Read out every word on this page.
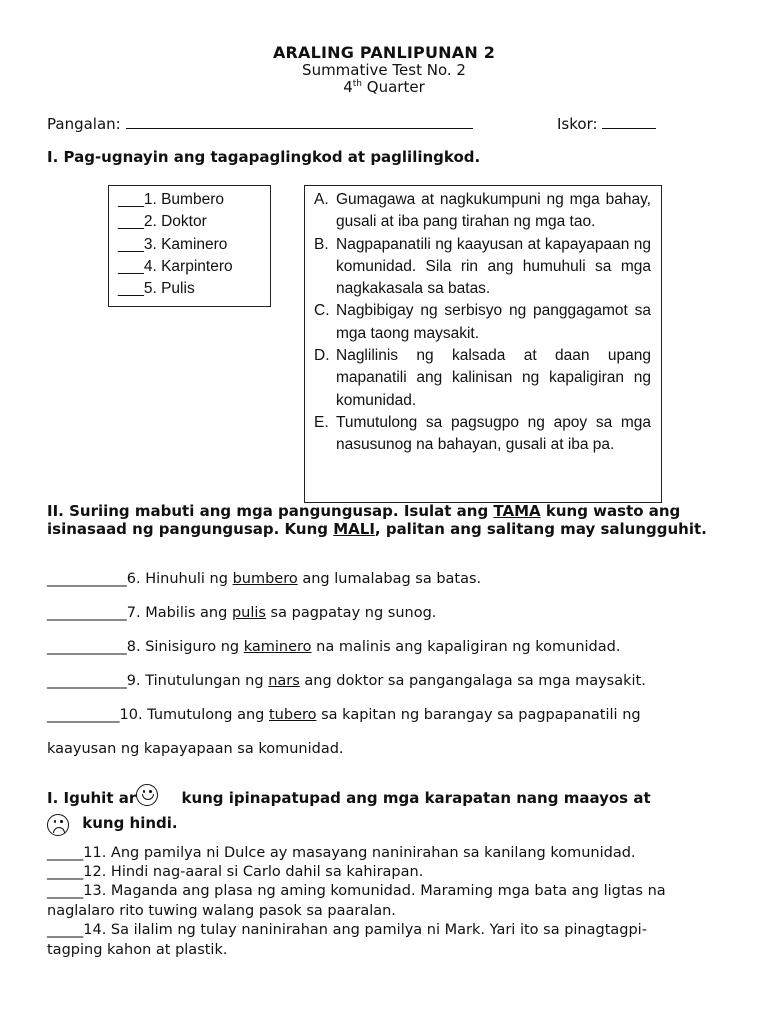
ARALING PANLIPUNAN 2
Summative Test No. 2
4th Quarter
Pangalan:	Iskor:
I. Pag-ugnayin ang tagapaglingkod at paglilingkod.
___1. Bumbero
___2. Doktor
___3. Kaminero
___4. Karpintero
___5. Pulis
A. Gumagawa at nagkukumpuni ng mga bahay, gusali at iba pang tirahan ng mga tao.
B. Nagpapanatili ng kaayusan at kapayapaan ng komunidad. Sila rin ang humuhuli sa mga nagkakasala sa batas.
C. Nagbibigay ng serbisyo ng panggagamot sa mga taong maysakit.
D. Naglilinis ng kalsada at daan upang mapanatili ang kalinisan ng kapaligiran ng komunidad.
E. Tumutulong sa pagsugpo ng apoy sa mga nasusunog na bahayan, gusali at iba pa.
II. Suriing mabuti ang mga pangungusap. Isulat ang TAMA kung wasto ang isinasaad ng pangungusap. Kung MALI, palitan ang salitang may salungguhit.
___________6. Hinuhuli ng bumbero ang lumalabag sa batas.
___________7. Mabilis ang pulis sa pagpatay ng sunog.
___________8. Sinisiguro ng kaminero na malinis ang kapaligiran ng komunidad.
___________9. Tinutulungan ng nars ang doktor sa pangangalaga sa mga maysakit.
__________10. Tumutulong ang tubero sa kapitan ng barangay sa pagpapanatili ng
kaayusan ng kapayapaan sa komunidad.
I. Iguhit ar	kung ipinapatupad ang mga karapatan nang maayos at
kung hindi.
_____11. Ang pamilya ni Dulce ay masayang naninirahan sa kanilang komunidad.
_____12. Hindi nag-aaral si Carlo dahil sa kahirapan.
_____13. Maganda ang plasa ng aming komunidad. Maraming mga bata ang ligtas na
naglalaro rito tuwing walang pasok sa paaralan.
_____14. Sa ilalim ng tulay naninirahan ang pamilya ni Mark. Yari ito sa pinagtagpi-
tagping kahon at plastik.
